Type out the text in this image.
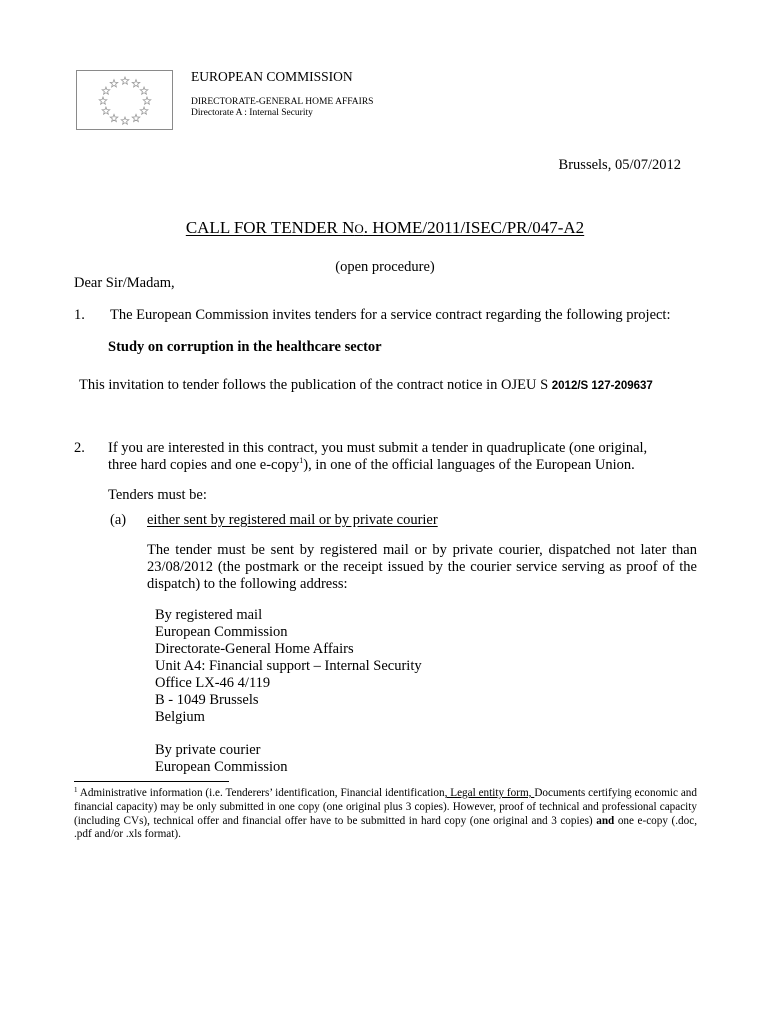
EUROPEAN COMMISSION
DIRECTORATE-GENERAL HOME AFFAIRS
Directorate A : Internal Security
Brussels, 05/07/2012
CALL FOR TENDER NO. HOME/2011/ISEC/PR/047-A2
(open procedure)
Dear Sir/Madam,
1. The European Commission invites tenders for a service contract regarding the following project:
Study on corruption in the healthcare sector
This invitation to tender follows the publication of the contract notice in OJEU S 2012/S 127-209637
2. If you are interested in this contract, you must submit a tender in quadruplicate (one original,
three hard copies and one e-copy$^1$), in one of the official languages of the European Union.
Tenders must be:
(a) either sent by registered mail or by private courier
The tender must be sent by registered mail or by private courier, dispatched not later than 23/08/2012 (the postmark or the receipt issued by the courier service serving as proof of the dispatch) to the following address:
By registered mail
European Commission
Directorate-General Home Affairs
Unit A4: Financial support – Internal Security
Office LX-46 4/119
B - 1049 Brussels
Belgium
By private courier
European Commission
$^1$ Administrative information (i.e. Tenderers’ identification, Financial identification, Legal entity form, Documents certifying economic and financial capacity) may be only submitted in one copy (one original plus 3 copies). However, proof of technical and professional capacity (including CVs), technical offer and financial offer have to be submitted in hard copy (one original and 3 copies) and one e-copy (.doc, .pdf and/or .xls format).
